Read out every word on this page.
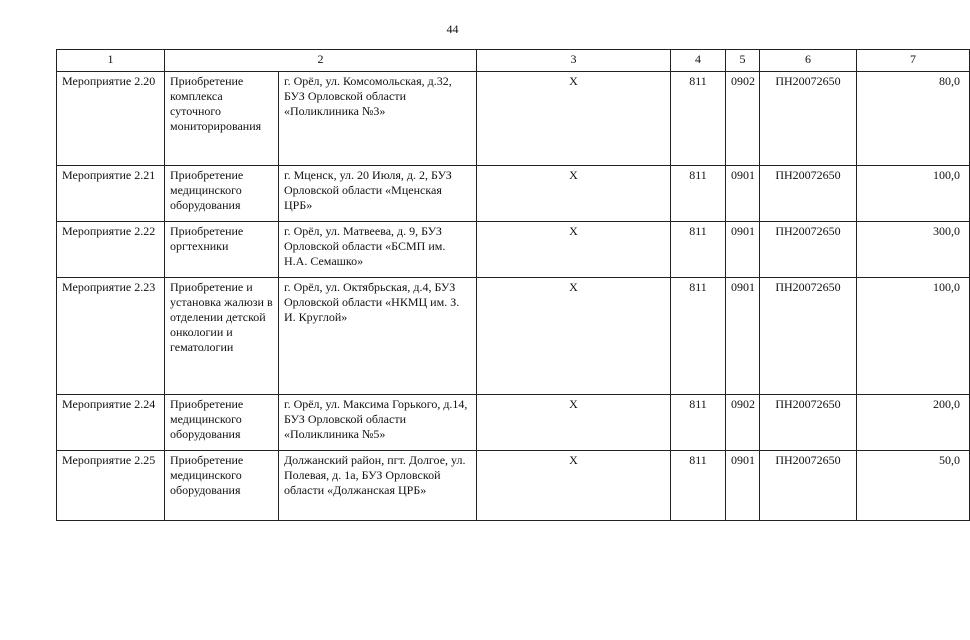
44
1	2		3	4	5	6	7
Мероприятие 2.20	Приобретение комплекса суточного мониторирования	г. Орёл, ул. Комсомольская, д.32, БУЗ Орловской области «Поликлиника №3»	X	811	0902	ПН20072650	80,0
Мероприятие 2.21	Приобретение медицинского оборудования	г. Мценск, ул. 20 Июля, д. 2, БУЗ Орловской области «Мценская ЦРБ»	X	811	0901	ПН20072650	100,0
Мероприятие 2.22	Приобретение оргтехники	г. Орёл, ул. Матвеева, д. 9, БУЗ Орловской области «БСМП им. Н.А. Семашко»	X	811	0901	ПН20072650	300,0
Мероприятие 2.23	Приобретение и установка жалюзи в отделении детской онкологии и гематологии	г. Орёл, ул. Октябрьская, д.4, БУЗ Орловской области «НКМЦ им. З. И. Круглой»	X	811	0901	ПН20072650	100,0
Мероприятие 2.24	Приобретение медицинского оборудования	г. Орёл, ул. Максима Горького, д.14, БУЗ Орловской области «Поликлиника №5»	X	811	0902	ПН20072650	200,0
Мероприятие 2.25	Приобретение медицинского оборудования	Должанский район, пгт. Долгое, ул. Полевая, д. 1а, БУЗ Орловской области «Должанская ЦРБ»	X	811	0901	ПН20072650	50,0
